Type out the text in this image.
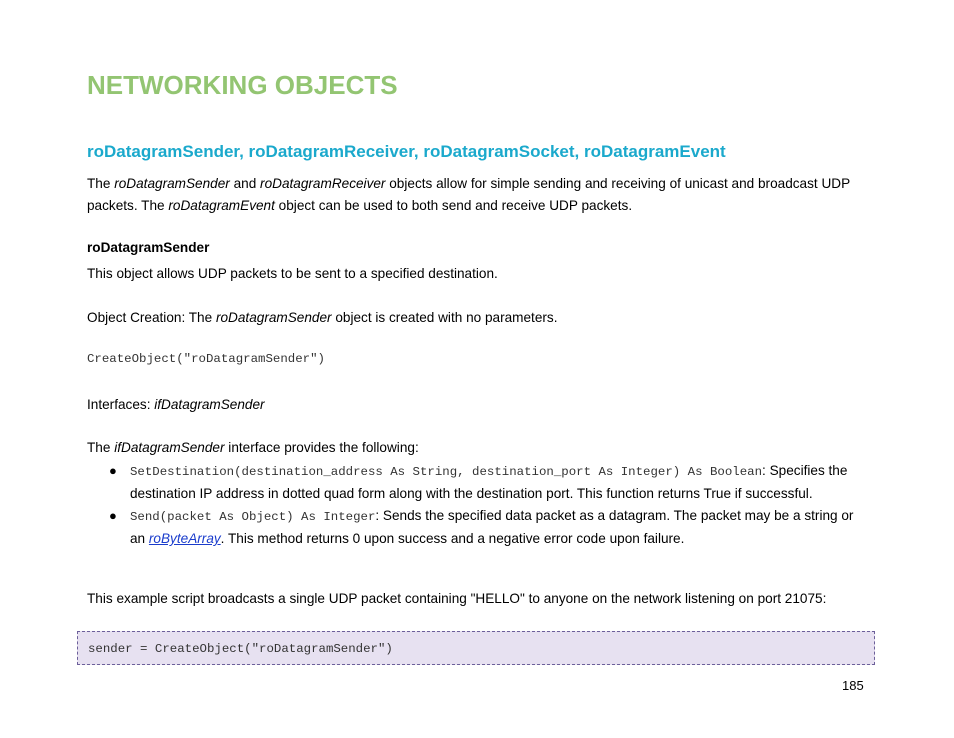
NETWORKING OBJECTS
roDatagramSender, roDatagramReceiver, roDatagramSocket, roDatagramEvent

The roDatagramSender and roDatagramReceiver objects allow for simple sending and receiving of unicast and broadcast UDP packets. The roDatagramEvent object can be used to both send and receive UDP packets.

roDatagramSender

This object allows UDP packets to be sent to a specified destination.

Object Creation: The roDatagramSender object is created with no parameters.

CreateObject("roDatagramSender")

Interfaces: ifDatagramSender

The ifDatagramSender interface provides the following:

● SetDestination(destination_address As String, destination_port As Integer) As Boolean: Specifies the destination IP address in dotted quad form along with the destination port. This function returns True if successful.
● Send(packet As Object) As Integer: Sends the specified data packet as a datagram. The packet may be a string or an roByteArray. This method returns 0 upon success and a negative error code upon failure.

This example script broadcasts a single UDP packet containing "HELLO" to anyone on the network listening on port 21075:

sender = CreateObject("roDatagramSender")
185
